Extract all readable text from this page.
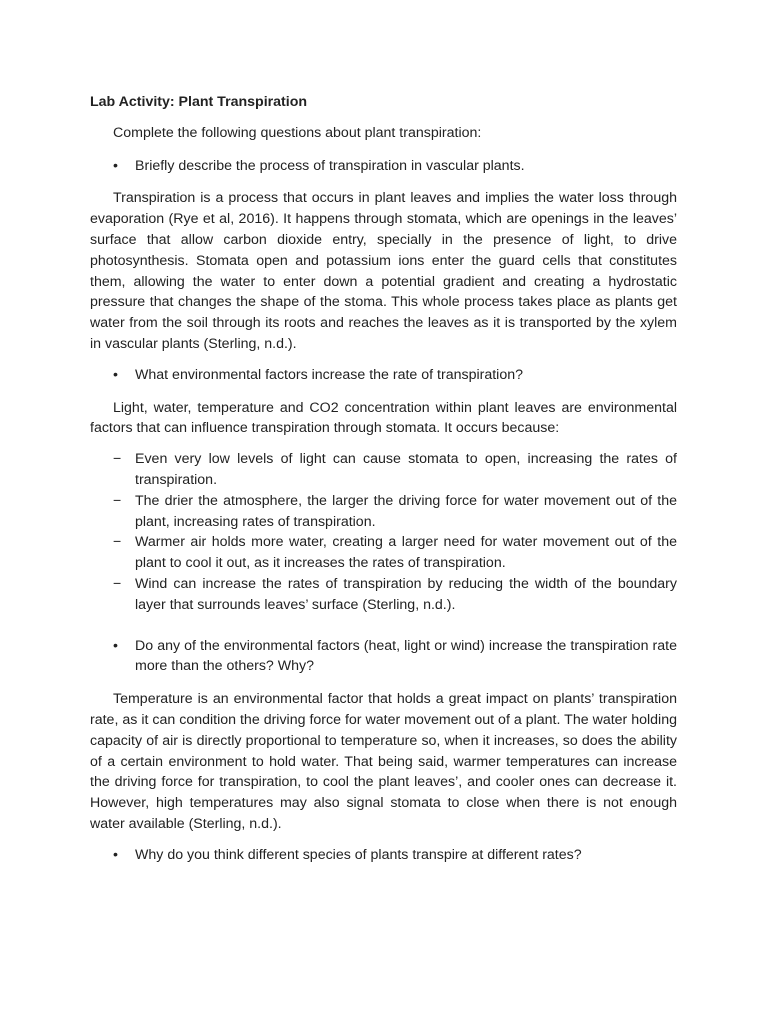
Lab Activity: Plant Transpiration
Complete the following questions about plant transpiration:
• Briefly describe the process of transpiration in vascular plants.
Transpiration is a process that occurs in plant leaves and implies the water loss through evaporation (Rye et al, 2016). It happens through stomata, which are openings in the leaves’ surface that allow carbon dioxide entry, specially in the presence of light, to drive photosynthesis. Stomata open and potassium ions enter the guard cells that constitutes them, allowing the water to enter down a potential gradient and creating a hydrostatic pressure that changes the shape of the stoma. This whole process takes place as plants get water from the soil through its roots and reaches the leaves as it is transported by the xylem in vascular plants (Sterling, n.d.).
• What environmental factors increase the rate of transpiration?
Light, water, temperature and CO2 concentration within plant leaves are environmental factors that can influence transpiration through stomata. It occurs because:
− Even very low levels of light can cause stomata to open, increasing the rates of transpiration.
− The drier the atmosphere, the larger the driving force for water movement out of the plant, increasing rates of transpiration.
− Warmer air holds more water, creating a larger need for water movement out of the plant to cool it out, as it increases the rates of transpiration.
− Wind can increase the rates of transpiration by reducing the width of the boundary layer that surrounds leaves’ surface (Sterling, n.d.).
• Do any of the environmental factors (heat, light or wind) increase the transpiration rate more than the others? Why?
Temperature is an environmental factor that holds a great impact on plants’ transpiration rate, as it can condition the driving force for water movement out of a plant. The water holding capacity of air is directly proportional to temperature so, when it increases, so does the ability of a certain environment to hold water. That being said, warmer temperatures can increase the driving force for transpiration, to cool the plant leaves’, and cooler ones can decrease it. However, high temperatures may also signal stomata to close when there is not enough water available (Sterling, n.d.).
• Why do you think different species of plants transpire at different rates?
